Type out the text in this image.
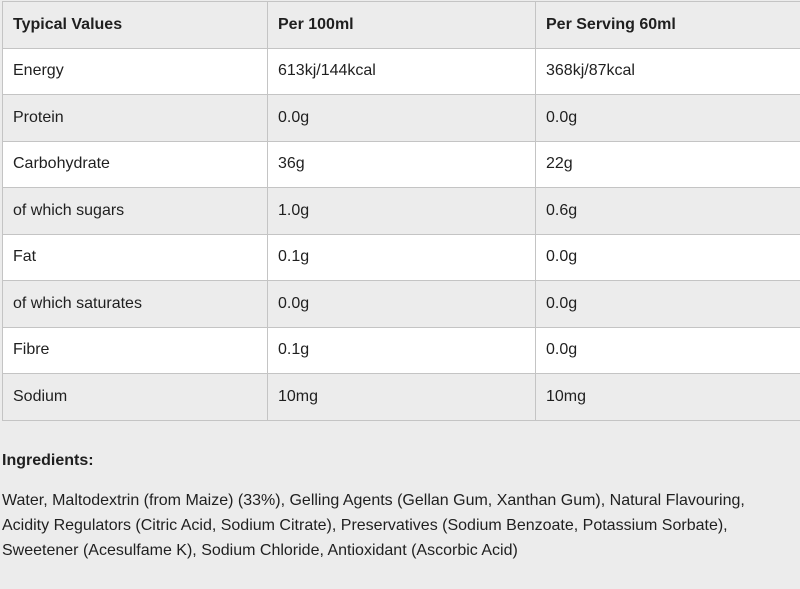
Typical Values	Per 100ml	Per Serving 60ml
Energy	613kj/144kcal	368kj/87kcal
Protein	0.0g	0.0g
Carbohydrate	36g	22g
of which sugars	1.0g	0.6g
Fat	0.1g	0.0g
of which saturates	0.0g	0.0g
Fibre	0.1g	0.0g
Sodium	10mg	10mg

Ingredients:

Water, Maltodextrin (from Maize) (33%), Gelling Agents (Gellan Gum, Xanthan Gum), Natural Flavouring,
Acidity Regulators (Citric Acid, Sodium Citrate), Preservatives (Sodium Benzoate, Potassium Sorbate),
Sweetener (Acesulfame K), Sodium Chloride, Antioxidant (Ascorbic Acid)
